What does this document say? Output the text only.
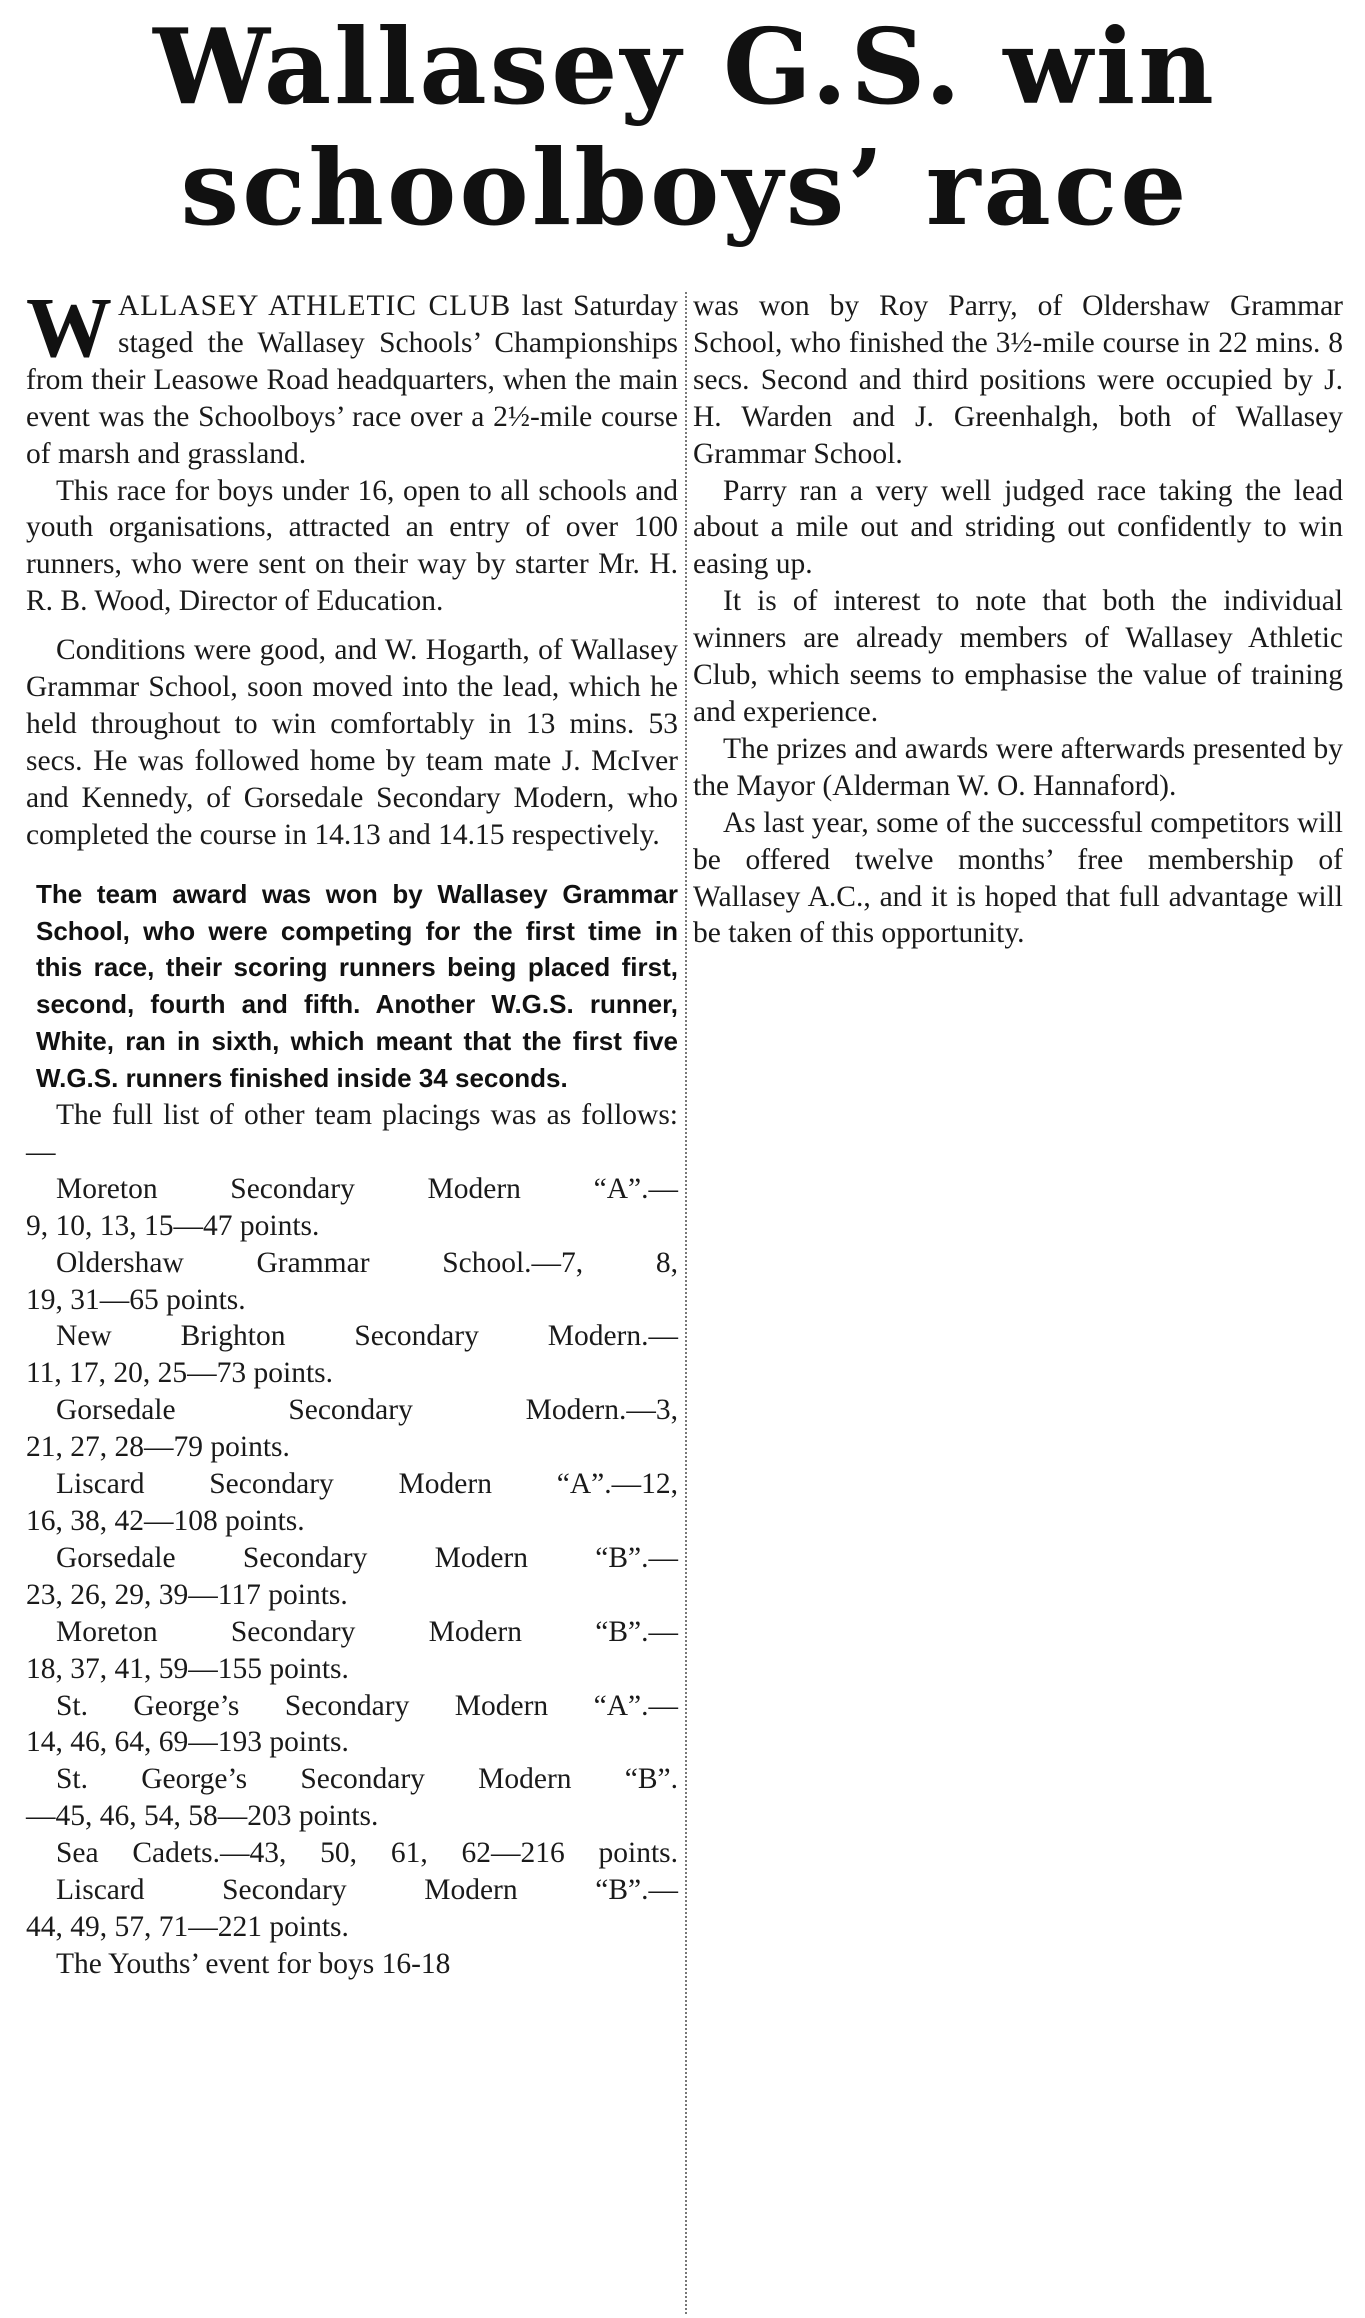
Wallasey G.S. win
schoolboys’ race

WALLASEY ATHLETIC CLUB last Saturday staged the Wallasey Schools’ Championships from their Leasowe Road headquarters, when the main event was the Schoolboys’ race over a 2½-mile course of marsh and grassland.

This race for boys under 16, open to all schools and youth organisations, attracted an entry of over 100 runners, who were sent on their way by starter Mr. H. R. B. Wood, Director of Education.

Conditions were good, and W. Hogarth, of Wallasey Grammar School, soon moved into the lead, which he held throughout to win comfortably in 13 mins. 53 secs. He was followed home by team mate J. McIver and Kennedy, of Gorsedale Secondary Modern, who completed the course in 14.13 and 14.15 respectively.

The team award was won by Wallasey Grammar School, who were competing for the first time in this race, their scoring runners being placed first, second, fourth and fifth. Another W.G.S. runner, White, ran in sixth, which meant that the first five W.G.S. runners finished inside 34 seconds.

The full list of other team placings was as follows:—

Moreton Secondary Modern “A”.—
9, 10, 13, 15—47 points.
Oldershaw Grammar School.—7, 8,
19, 31—65 points.
New Brighton Secondary Modern.—
11, 17, 20, 25—73 points.
Gorsedale Secondary Modern.—3,
21, 27, 28—79 points.
Liscard Secondary Modern “A”.—12,
16, 38, 42—108 points.
Gorsedale Secondary Modern “B”.—
23, 26, 29, 39—117 points.
Moreton Secondary Modern “B”.—
18, 37, 41, 59—155 points.
St. George’s Secondary Modern “A”.—
14, 46, 64, 69—193 points.
St. George’s Secondary Modern “B”.
—45, 46, 54, 58—203 points.
Sea Cadets.—43, 50, 61, 62—216 points.
Liscard Secondary Modern “B”.—
44, 49, 57, 71—221 points.

The Youths’ event for boys 16-18

was won by Roy Parry, of Oldershaw Grammar School, who finished the 3½-mile course in 22 mins. 8 secs. Second and third positions were occupied by J. H. Warden and J. Greenhalgh, both of Wallasey Grammar School.

Parry ran a very well judged race taking the lead about a mile out and striding out confidently to win easing up.

It is of interest to note that both the individual winners are already members of Wallasey Athletic Club, which seems to emphasise the value of training and experience.

The prizes and awards were afterwards presented by the Mayor (Alderman W. O. Hannaford).

As last year, some of the successful competitors will be offered twelve months’ free membership of Wallasey A.C., and it is hoped that full advantage will be taken of this opportunity.
